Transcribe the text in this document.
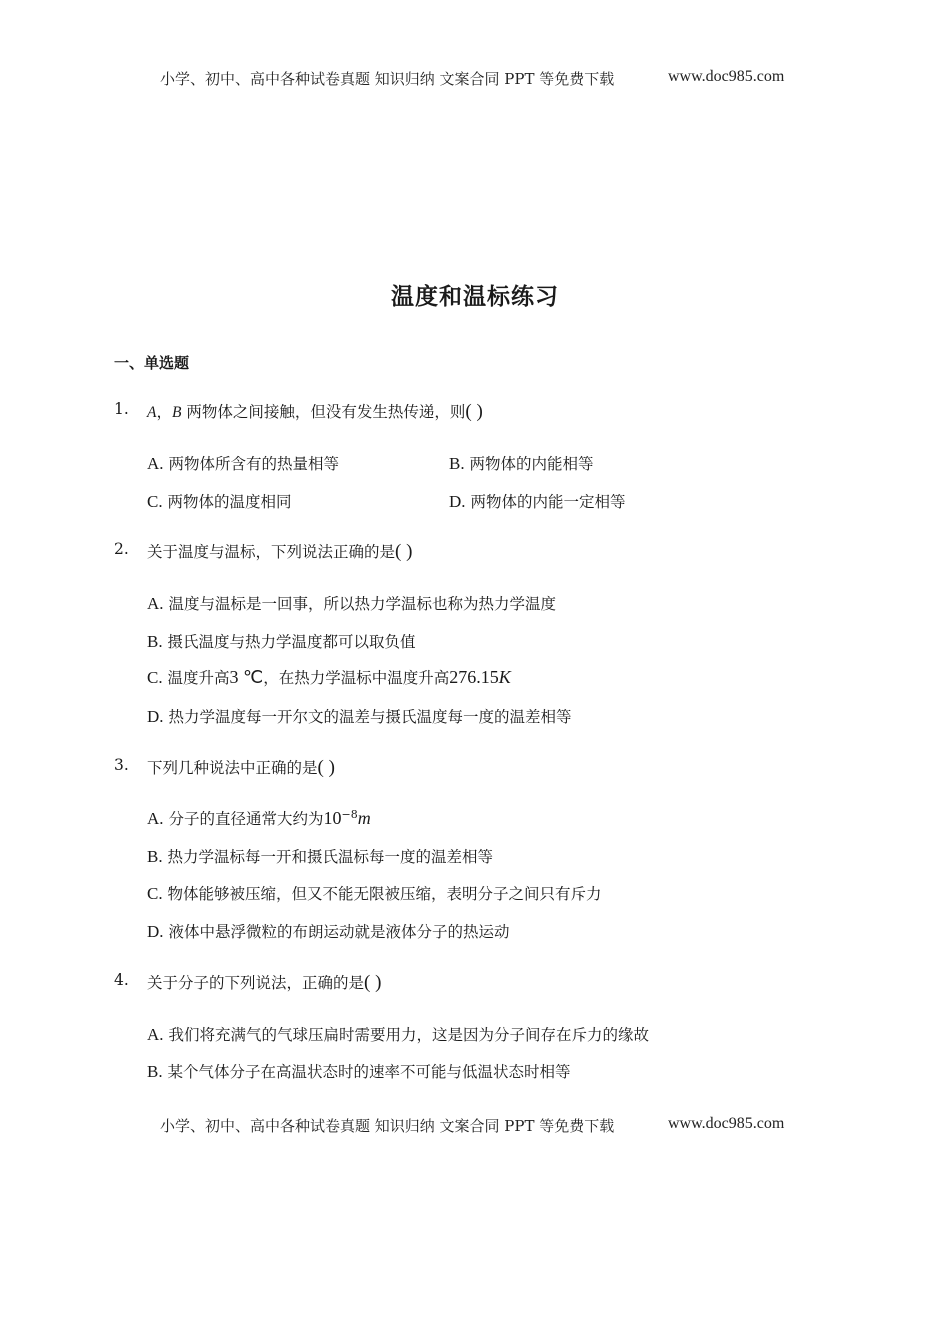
小学、初中、高中各种试卷真题 知识归纳 文案合同 PPT 等免费下载	www.doc985.com
温度和温标练习
一、单选题
1. A，B 两物体之间接触，但没有发生热传递，则( )
A. 两物体所含有的热量相等	B. 两物体的内能相等
C. 两物体的温度相同	D. 两物体的内能一定相等
2. 关于温度与温标，下列说法正确的是( )
A. 温度与温标是一回事，所以热力学温标也称为热力学温度
B. 摄氏温度与热力学温度都可以取负值
C. 温度升高3 ℃，在热力学温标中温度升高276.15K
D. 热力学温度每一开尔文的温差与摄氏温度每一度的温差相等
3. 下列几种说法中正确的是( )
A. 分子的直径通常大约为$10^{-8}m$
B. 热力学温标每一开和摄氏温标每一度的温差相等
C. 物体能够被压缩，但又不能无限被压缩，表明分子之间只有斥力
D. 液体中悬浮微粒的布朗运动就是液体分子的热运动
4. 关于分子的下列说法，正确的是( )
A. 我们将充满气的气球压扁时需要用力，这是因为分子间存在斥力的缘故
B. 某个气体分子在高温状态时的速率不可能与低温状态时相等
小学、初中、高中各种试卷真题 知识归纳 文案合同 PPT 等免费下载	www.doc985.com
